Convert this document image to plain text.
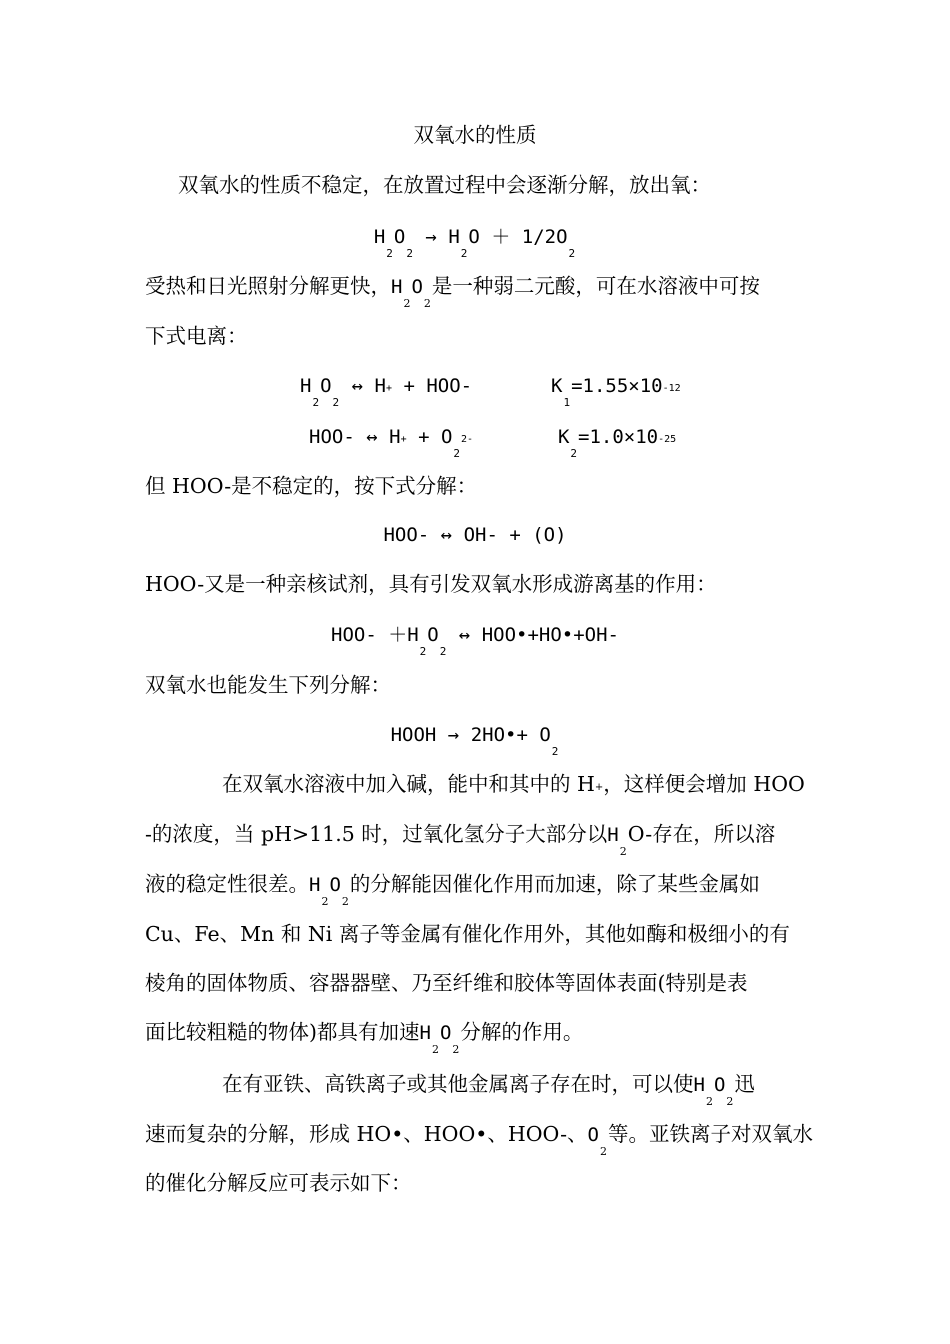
双氧水的性质
双氧水的性质不稳定，在放置过程中会逐渐分解，放出氧：
$H_2O_2 \to H_2O + 1/2O_2$
受热和日光照射分解更快，$H_2O_2$是一种弱二元酸，可在水溶液中可按
下式电离：
$H_2O_2$ ↔ H+ + HOO-	$K_1=1.55\times 10-12$
HOO- ↔ $H+ + O_22-$	$K_2=1.0\times 10-25$
但 HOO-是不稳定的，按下式分解：
HOO- ↔ OH- + (O)
HOO-又是一种亲核试剂，具有引发双氧水形成游离基的作用：
$HOO- +H_2O_2$ ↔ HOO•+HO•+OH-
双氧水也能发生下列分解：
HOOH → 2HO•+ $O_2$
在双氧水溶液中加入碱，能中和其中的 H+，这样便会增加 HOO
-的浓度，当 pH>11.5 时，过氧化氢分子大部分以$H_2O-$存在，所以溶
液的稳定性很差。$H_2O_2$的分解能因催化作用而加速，除了某些金属如
Cu、Fe、Mn 和 Ni 离子等金属有催化作用外，其他如酶和极细小的有
棱角的固体物质、容器器壁、乃至纤维和胶体等固体表面(特别是表
面比较粗糙的物体)都具有加速$H_2O_2$分解的作用。
在有亚铁、高铁离子或其他金属离子存在时，可以使$H_2O_2$迅
速而复杂的分解，形成 HO•、HOO•、HOO-、$O_2$等。亚铁离子对双氧水
的催化分解反应可表示如下：
